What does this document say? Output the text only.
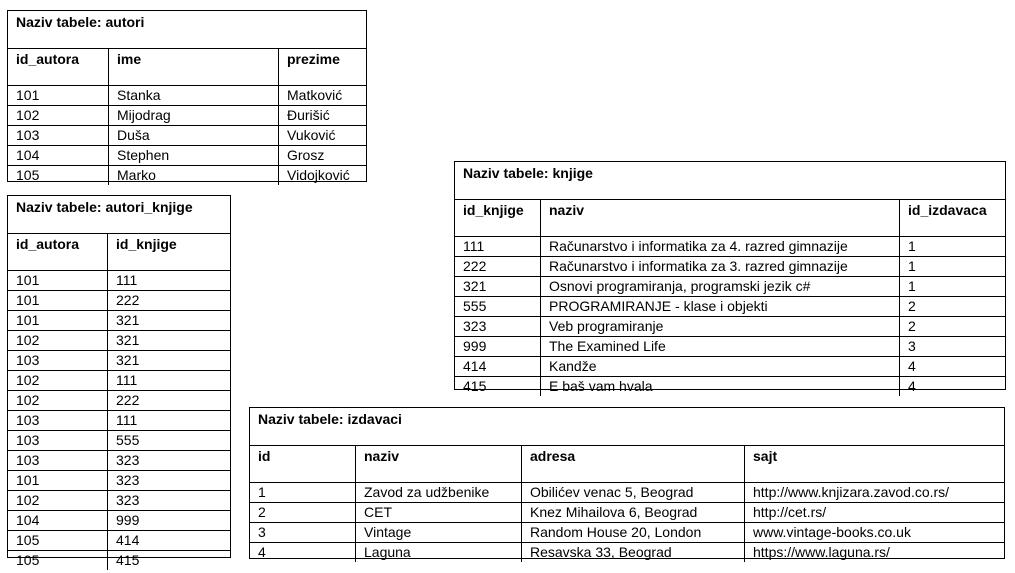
Naziv tabele: autori
id_autora	ime	prezime
101	Stanka	Matković
102	Mijodrag	Đurišić
103	Duša	Vuković
104	Stephen	Grosz
105	Marko	Vidojković
Naziv tabele: autori_knjige
id_autora	id_knjige
101	111
101	222
101	321
102	321
103	321
102	111
102	222
103	111
103	555
103	323
101	323
102	323
104	999
105	414
105	415
Naziv tabele: knjige
id_knjige	naziv	id_izdavaca
111	Računarstvo i informatika za 4. razred gimnazije	1
222	Računarstvo i informatika za 3. razred gimnazije	1
321	Osnovi programiranja, programski jezik c#	1
555	PROGRAMIRANJE - klase i objekti	2
323	Veb programiranje	2
999	The Examined Life	3
414	Kandže	4
415	E baš vam hvala	4
Naziv tabele: izdavaci
id	naziv	adresa	sajt
1	Zavod za udžbenike	Obilićev venac 5, Beograd	http://www.knjizara.zavod.co.rs/
2	CET	Knez Mihailova 6, Beograd	http://cet.rs/
3	Vintage	Random House 20, London	www.vintage-books.co.uk
4	Laguna	Resavska 33, Beograd	https://www.laguna.rs/
